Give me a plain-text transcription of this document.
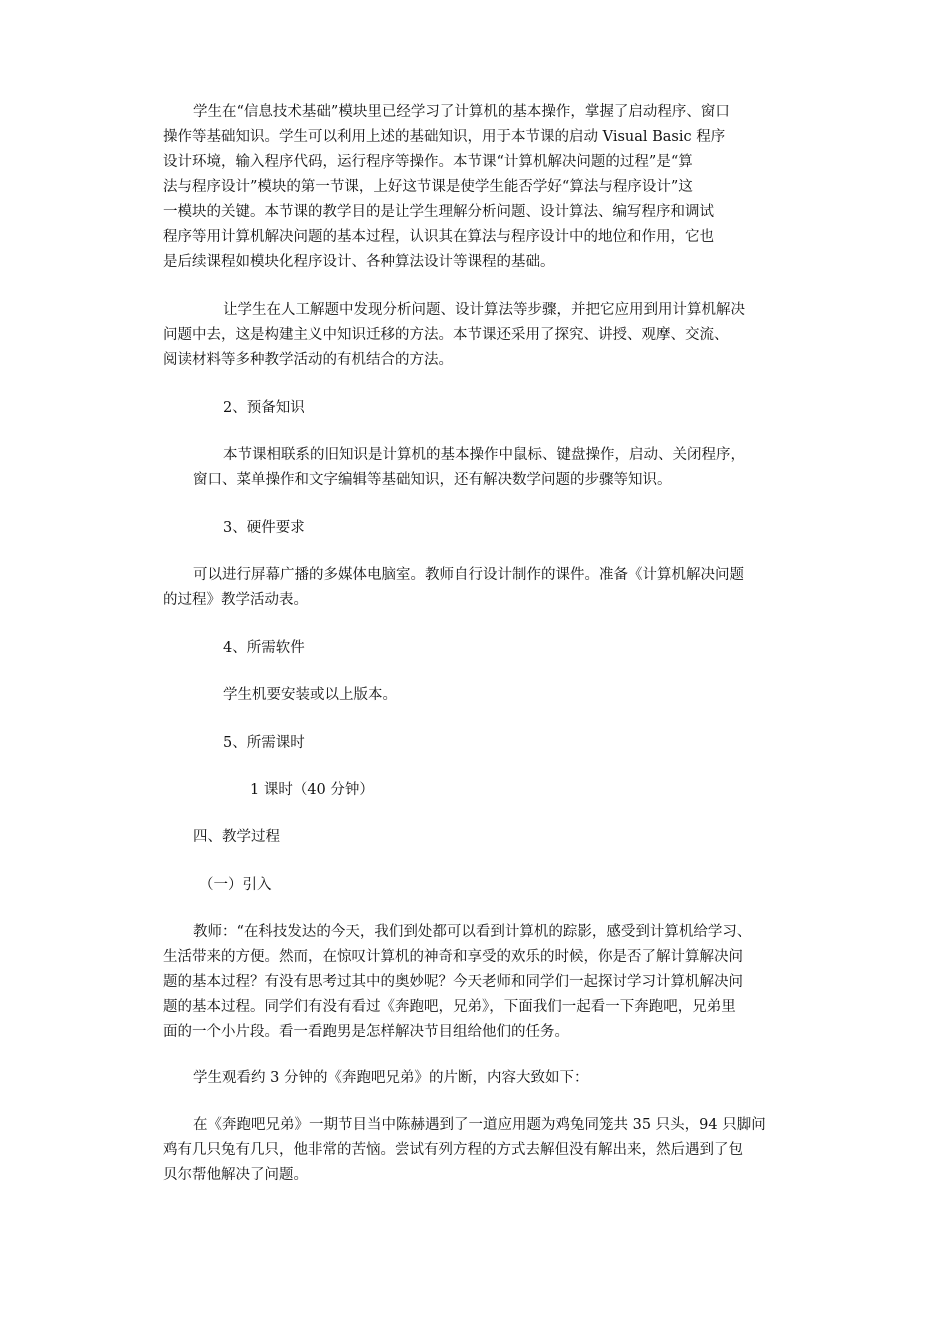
学生在“信息技术基础”模块里已经学习了计算机的基本操作，掌握了启动程序、窗口
操作等基础知识。学生可以利用上述的基础知识，用于本节课的启动 Visual Basic 程序
设计环境，输入程序代码，运行程序等操作。本节课“计算机解决问题的过程”是“算
法与程序设计”模块的第一节课，上好这节课是使学生能否学好“算法与程序设计”这
一模块的关键。本节课的教学目的是让学生理解分析问题、设计算法、编写程序和调试
程序等用计算机解决问题的基本过程，认识其在算法与程序设计中的地位和作用，它也
是后续课程如模块化程序设计、各种算法设计等课程的基础。
让学生在人工解题中发现分析问题、设计算法等步骤，并把它应用到用计算机解决
问题中去，这是构建主义中知识迁移的方法。本节课还采用了探究、讲授、观摩、交流、
阅读材料等多种教学活动的有机结合的方法。
2、预备知识
本节课相联系的旧知识是计算机的基本操作中鼠标、键盘操作，启动、关闭程序，
窗口、菜单操作和文字编辑等基础知识，还有解决数学问题的步骤等知识。
3、硬件要求
可以进行屏幕广播的多媒体电脑室。教师自行设计制作的课件。准备《计算机解决问题
的过程》教学活动表。
4、所需软件
学生机要安装或以上版本。
5、所需课时
1 课时（40 分钟）
四、教学过程
（一）引入
教师：“在科技发达的今天，我们到处都可以看到计算机的踪影，感受到计算机给学习、
生活带来的方便。然而，在惊叹计算机的神奇和享受的欢乐的时候，你是否了解计算解决问
题的基本过程？有没有思考过其中的奥妙呢？今天老师和同学们一起探讨学习计算机解决问
题的基本过程。同学们有没有看过《奔跑吧，兄弟》，下面我们一起看一下奔跑吧，兄弟里
面的一个小片段。看一看跑男是怎样解决节目组给他们的任务。
学生观看约 3 分钟的《奔跑吧兄弟》的片断，内容大致如下：
在《奔跑吧兄弟》一期节目当中陈赫遇到了一道应用题为鸡兔同笼共 35 只头，94 只脚问
鸡有几只兔有几只，他非常的苦恼。尝试有列方程的方式去解但没有解出来，然后遇到了包
贝尔帮他解决了问题。
